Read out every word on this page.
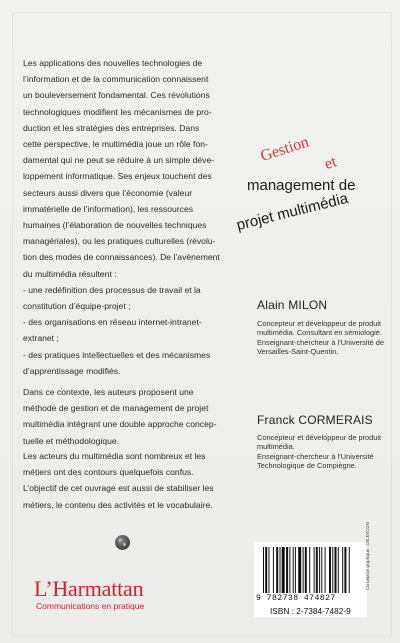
Les applications des nouvelles technologies de
l’information et de la communication connaissent
un bouleversement fondamental. Ces révolutions
technologiques modifient les mécanismes de pro-
duction et les stratégies des entreprises. Dans
cette perspective, le multimédia joue un rôle fon-
damental qui ne peut se réduire à un simple déve-
loppement informatique. Ses enjeux touchent des
secteurs aussi divers que l’économie (valeur
immatérielle de l’information), les ressources
humaines (l’élaboration de nouvelles techniques
managériales), ou les pratiques culturelles (révolu-
tion des modes de connaissances). De l’avènement
du multimédia résultent :
- une redéfinition des processus de travail et la
constitution d’équipe-projet ;
- des organisations en réseau internet-intranet-
extranet ;
- des pratiques intellectuelles et des mécanismes
d’apprentissage modifiés.

Dans ce contexte, les auteurs proposent une
méthode de gestion et de management de projet
multimédia intégrant une double approche concep-
tuelle et méthodologique.

Les acteurs du multimédia sont nombreux et les
métiers ont des contours quelquefois confus.
L’objectif de cet ouvrage est aussi de stabiliser les
métiers, le contenu des activités et le vocabulaire.

Gestion et
management de
projet multimédia
Alain MILON

Concepteur et développeur de produit
multimédia. Consultant en sémiologie.
Enseignant-chercheur à l’Université de
Versailles-Saint-Quentin.

Franck CORMERAIS

Concepteur et développeur de produit
multimédia.
Enseignant-chercheur à l’Université
Technologique de Compiègne.

L’Harmattan
Communications en pratique
9 782738 474827
ISBN : 2-7384-7482-9
Conception graphique : CELEXCOM
